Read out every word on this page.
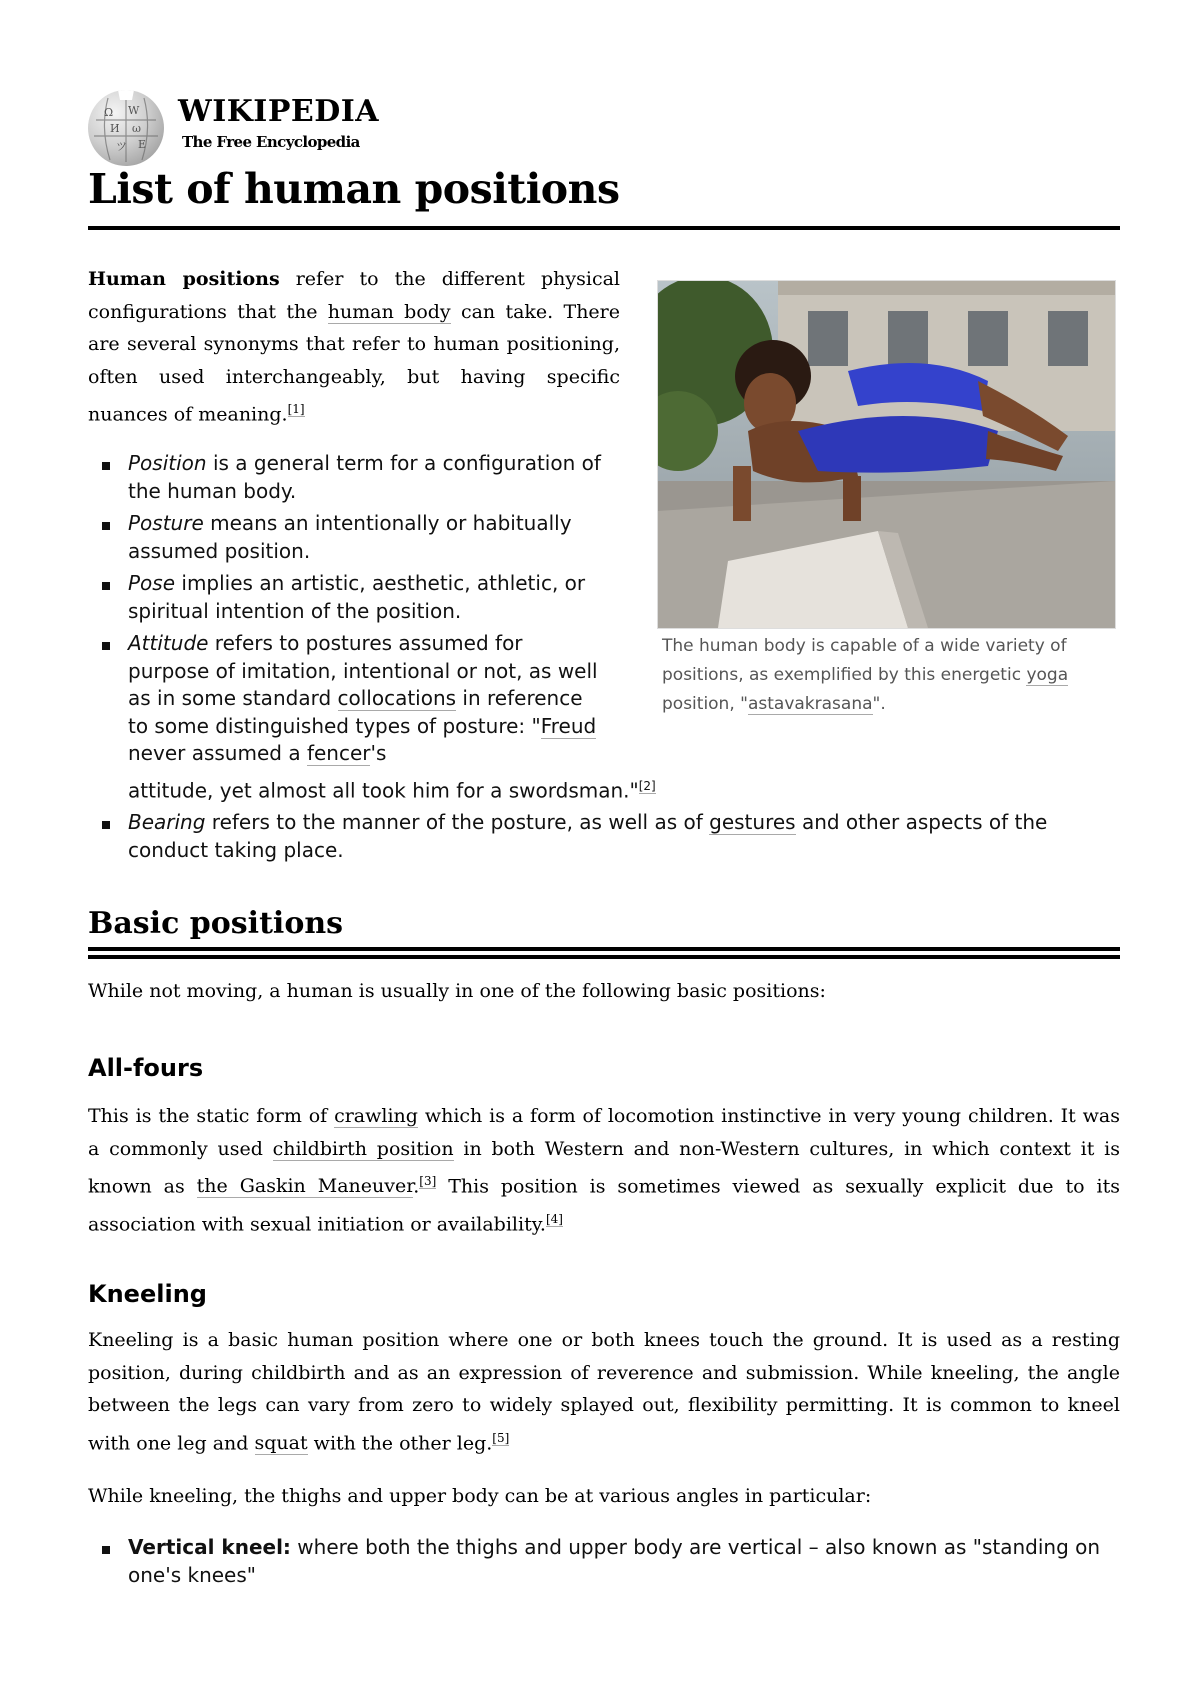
Ω W
И ω
ツ E
WIKIPEDIA
The Free Encyclopedia
List of human positions
Human positions refer to the different physical configurations that the human body can take. There are several synonyms that refer to human positioning, often used interchangeably, but having specific nuances of meaning.[1]
Position is a general term for a configuration of the human body.
Posture means an intentionally or habitually assumed position.
Pose implies an artistic, aesthetic, athletic, or spiritual intention of the position.
Attitude refers to postures assumed for purpose of imitation, intentional or not, as well as in some standard collocations in reference to some distinguished types of posture: "Freud never assumed a fencer's
attitude, yet almost all took him for a swordsman."[2]
Bearing refers to the manner of the posture, as well as of gestures and other aspects of the conduct taking place.
The human body is capable of a wide variety of positions, as exemplified by this energetic yoga position, "astavakrasana".
Basic positions
While not moving, a human is usually in one of the following basic positions:
All-fours
This is the static form of crawling which is a form of locomotion instinctive in very young children. It was a commonly used childbirth position in both Western and non-Western cultures, in which context it is known as the Gaskin Maneuver.[3] This position is sometimes viewed as sexually explicit due to its association with sexual initiation or availability.[4]
Kneeling
Kneeling is a basic human position where one or both knees touch the ground. It is used as a resting position, during childbirth and as an expression of reverence and submission. While kneeling, the angle between the legs can vary from zero to widely splayed out, flexibility permitting. It is common to kneel with one leg and squat with the other leg.[5]
While kneeling, the thighs and upper body can be at various angles in particular:
Vertical kneel: where both the thighs and upper body are vertical – also known as "standing on one's knees"
